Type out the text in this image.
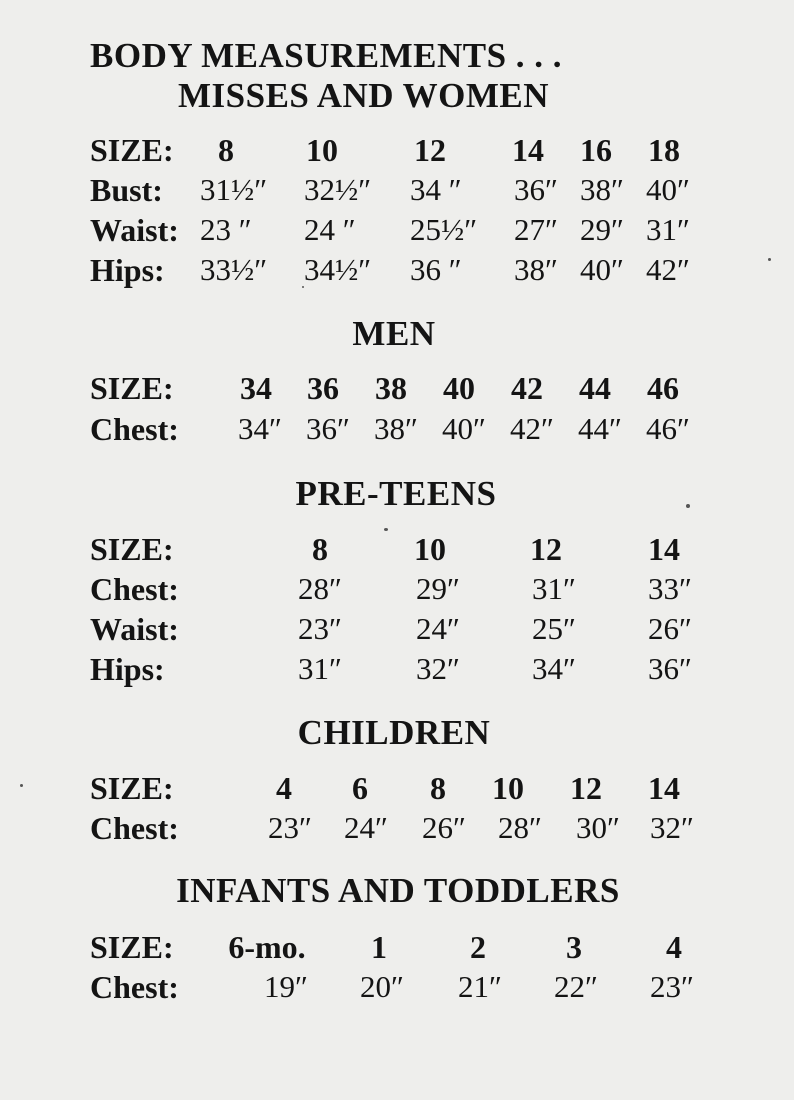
BODY MEASUREMENTS . . .
MISSES AND WOMEN
SIZE: 8 10 12 14 16 18
Bust: 31½″ 32½″ 34 ″ 36″ 38″ 40″
Waist: 23 ″ 24 ″ 25½″ 27″ 29″ 31″
Hips: 33½″ 34½″ 36 ″ 38″ 40″ 42″
MEN
SIZE: 34 36 38 40 42 44 46
Chest: 34″ 36″ 38″ 40″ 42″ 44″ 46″
PRE-TEENS
SIZE:	8	10	12	14
Chest:	28″ 29″ 31″ 33″
Waist:	23″ 24″ 25″ 26″
Hips:	31″ 32″ 34″ 36″
CHILDREN
SIZE:	4 6 8 10 12 14
Chest:	23″ 24″ 26″ 28″ 30″ 32″
INFANTS AND TODDLERS
SIZE: 6-mo. 1	2	3	4
Chest:	19″ 20″ 21″ 22″ 23″
